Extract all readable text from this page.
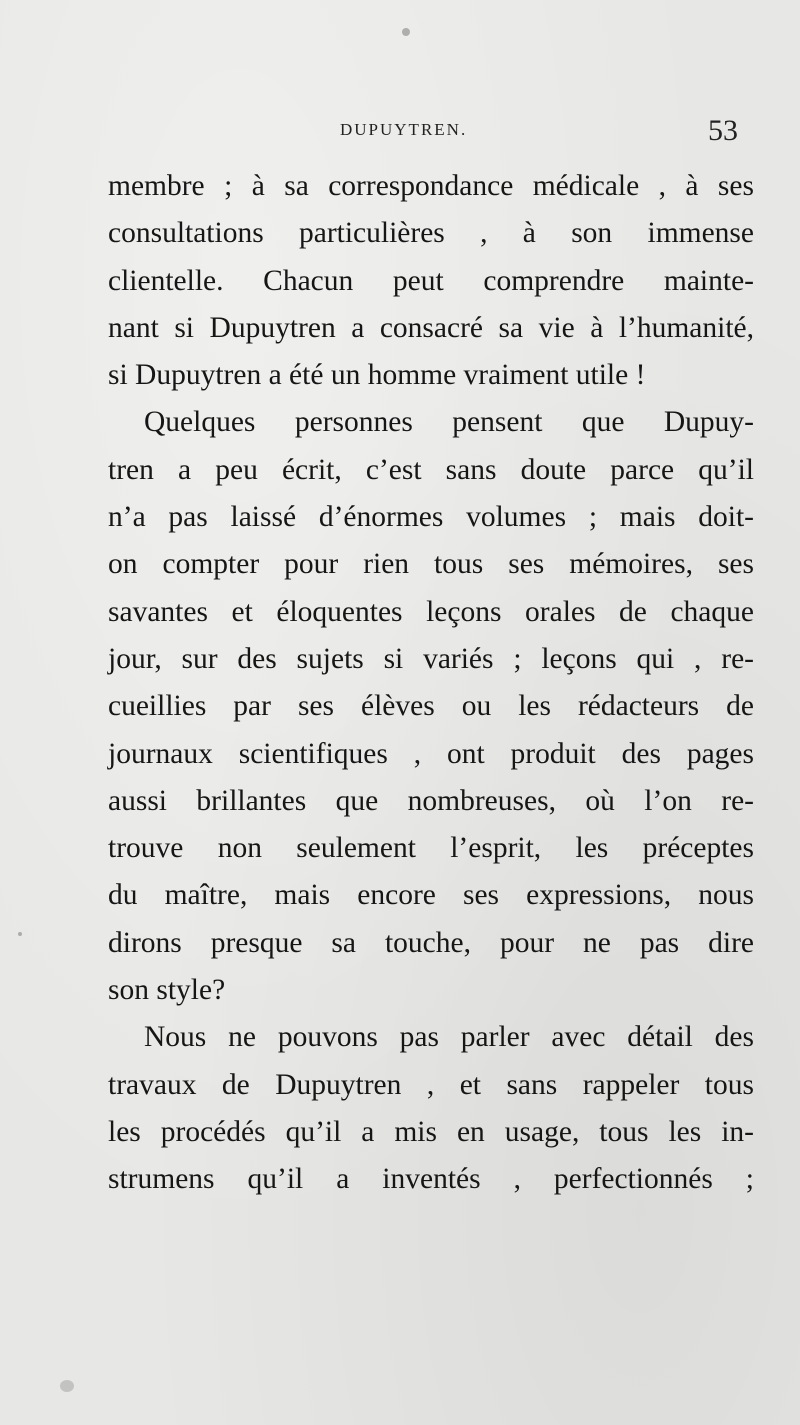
DUPUYTREN.	53
membre ; à sa correspondance médicale , à ses
consultations particulières , à son immense
clientelle. Chacun peut comprendre mainte-
nant si Dupuytren a consacré sa vie à l’humanité,
si Dupuytren a été un homme vraiment utile !
Quelques personnes pensent que Dupuy-
tren a peu écrit, c’est sans doute parce qu’il
n’a pas laissé d’énormes volumes ; mais doit-
on compter pour rien tous ses mémoires, ses
savantes et éloquentes leçons orales de chaque
jour, sur des sujets si variés ; leçons qui , re-
cueillies par ses élèves ou les rédacteurs de
journaux scientifiques , ont produit des pages
aussi brillantes que nombreuses, où l’on re-
trouve non seulement l’esprit, les préceptes
du maître, mais encore ses expressions, nous
dirons presque sa touche, pour ne pas dire
son style?
Nous ne pouvons pas parler avec détail des
travaux de Dupuytren , et sans rappeler tous
les procédés qu’il a mis en usage, tous les in-
strumens qu’il a inventés , perfectionnés ;
